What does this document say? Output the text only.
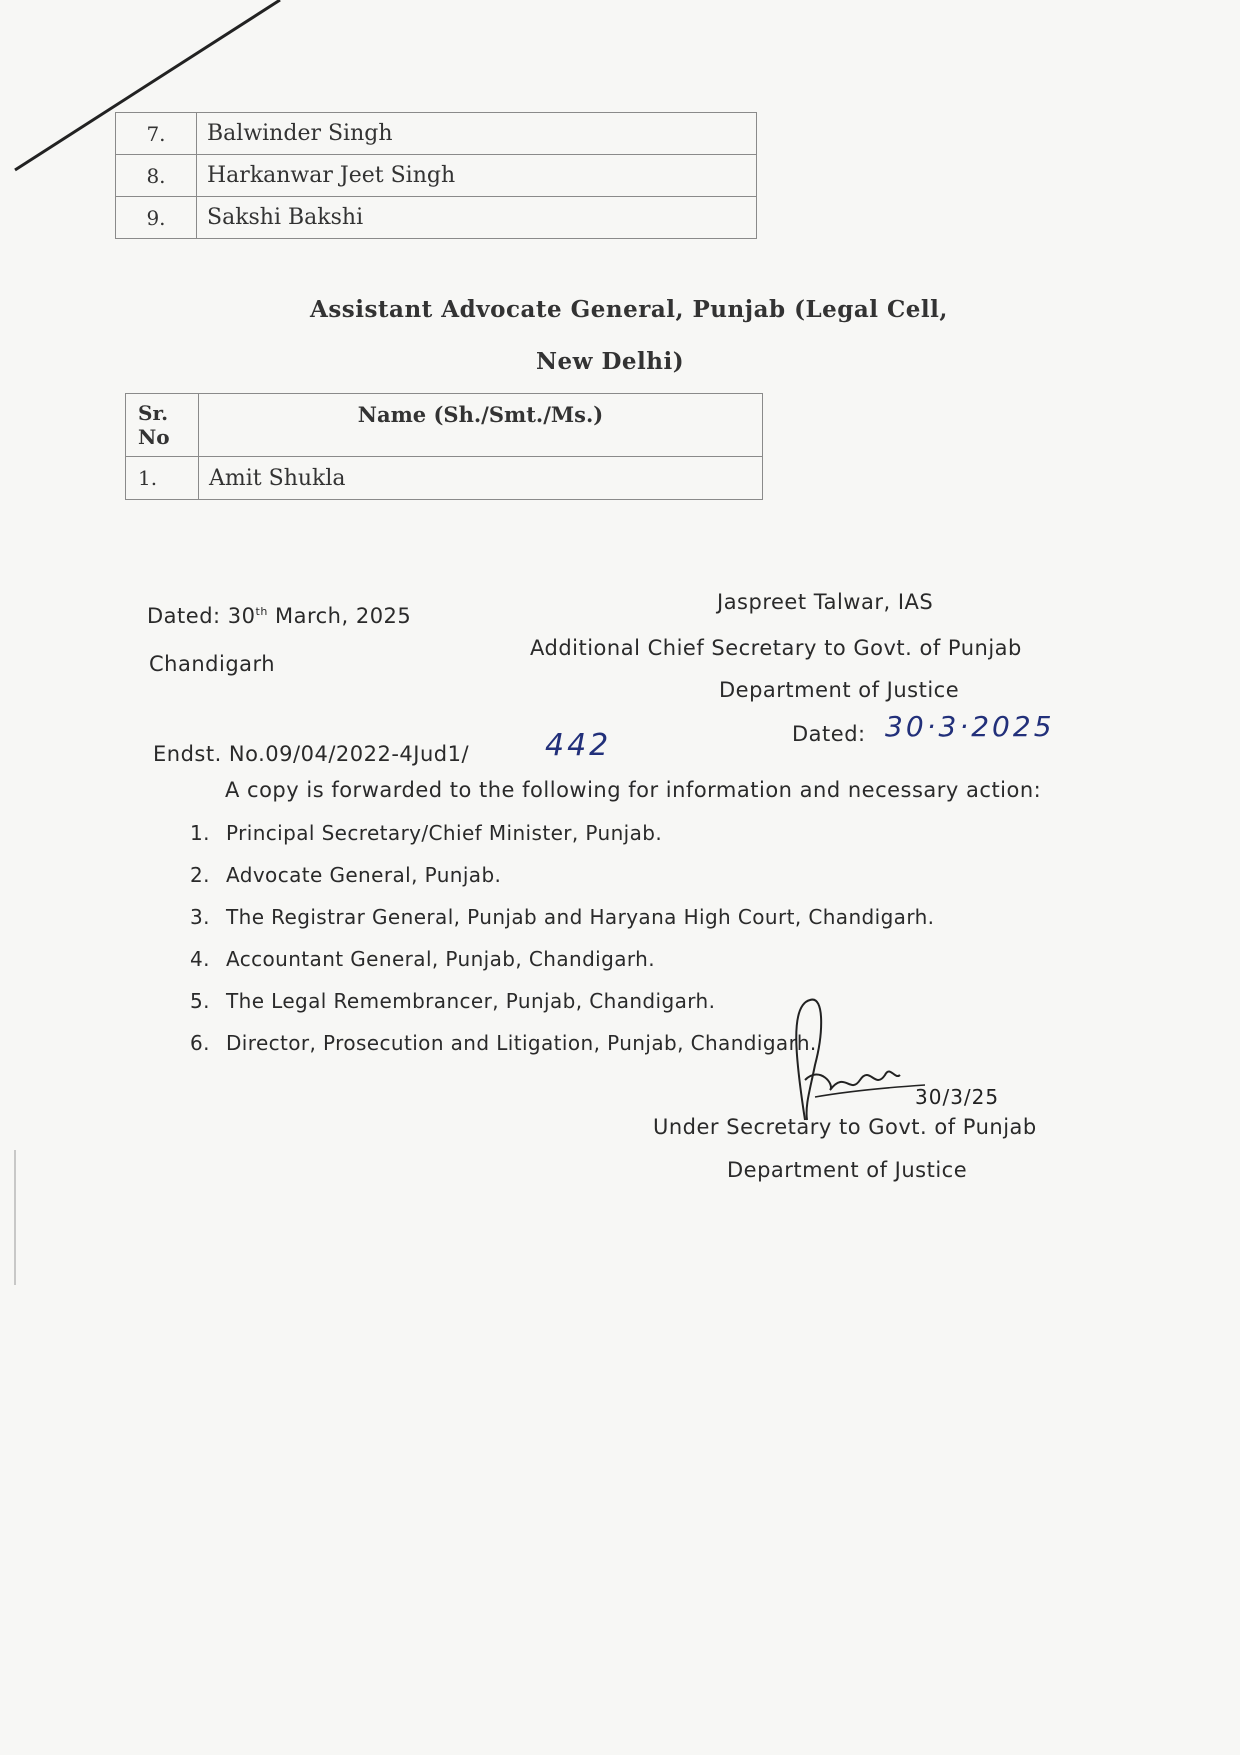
7.	Balwinder Singh
8.	Harkanwar Jeet Singh
9.	Sakshi Bakshi
Assistant Advocate General, Punjab (Legal Cell,
New Delhi)
Sr. No	Name (Sh./Smt./Ms.)
1.	Amit Shukla
Dated: 30th March, 2025
Chandigarh
Jaspreet Talwar, IAS
Additional Chief Secretary to Govt. of Punjab
Department of Justice
Endst. No.09/04/2022-4Jud1/	442	Dated: 30·3·2025
A copy is forwarded to the following for information and necessary action:
1. Principal Secretary/Chief Minister, Punjab.
2. Advocate General, Punjab.
3. The Registrar General, Punjab and Haryana High Court, Chandigarh.
4. Accountant General, Punjab, Chandigarh.
5. The Legal Remembrancer, Punjab, Chandigarh.
6. Director, Prosecution and Litigation, Punjab, Chandigarh.
30/3/25
Under Secretary to Govt. of Punjab
Department of Justice
